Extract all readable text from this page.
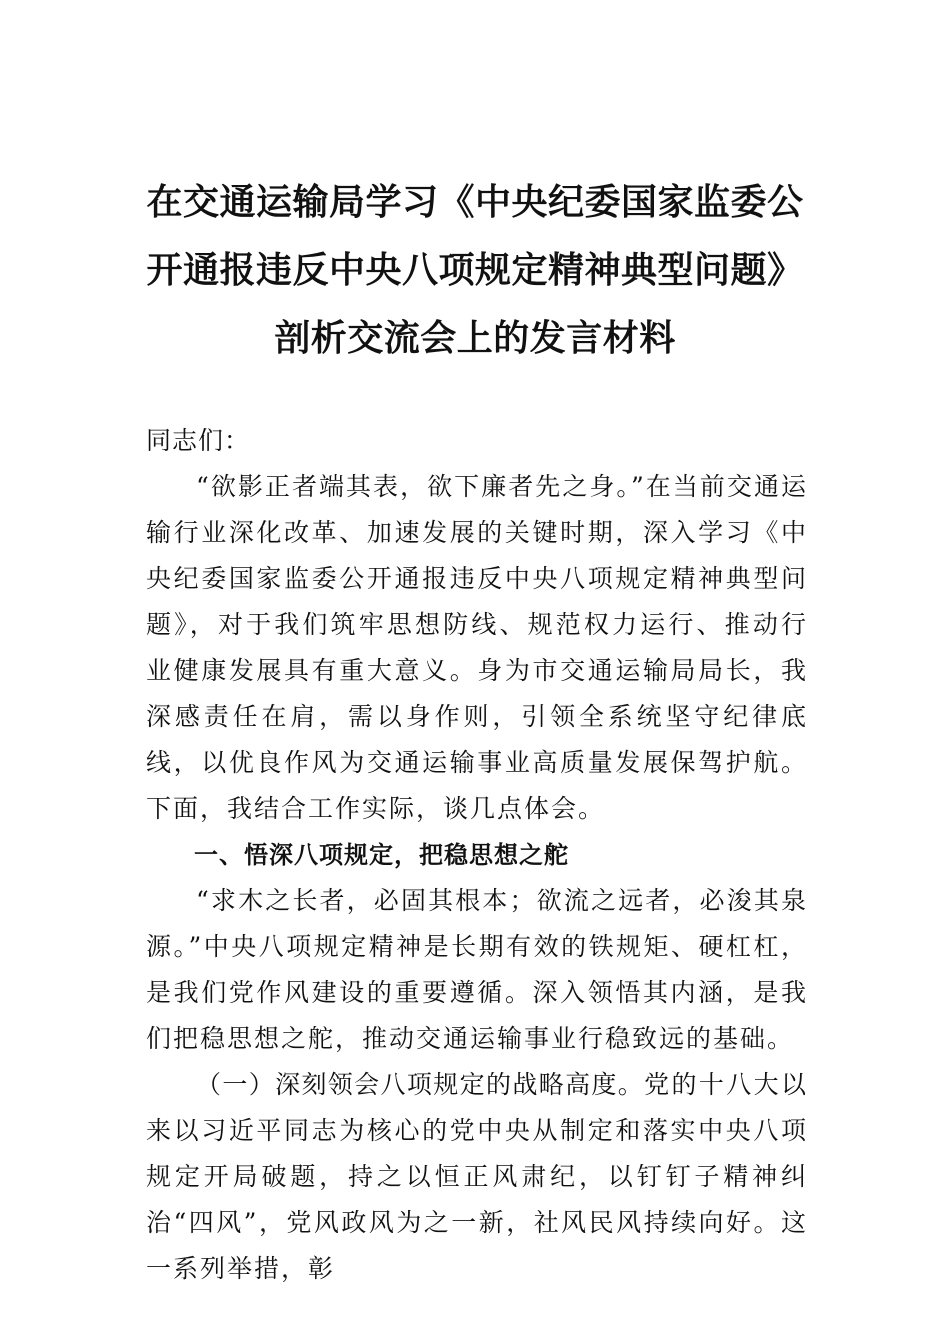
在交通运输局学习《中央纪委国家监委公
开通报违反中央八项规定精神典型问题》
剖析交流会上的发言材料

同志们：

“欲影正者端其表，欲下廉者先之身。”在当前交通运输行业深化改革、加速发展的关键时期，深入学习《中央纪委国家监委公开通报违反中央八项规定精神典型问题》，对于我们筑牢思想防线、规范权力运行、推动行业健康发展具有重大意义。身为市交通运输局局长，我深感责任在肩，需以身作则，引领全系统坚守纪律底线，以优良作风为交通运输事业高质量发展保驾护航。下面，我结合工作实际，谈几点体会。

一、悟深八项规定，把稳思想之舵

“求木之长者，必固其根本；欲流之远者，必浚其泉源。”中央八项规定精神是长期有效的铁规矩、硬杠杠，是我们党作风建设的重要遵循。深入领悟其内涵，是我们把稳思想之舵，推动交通运输事业行稳致远的基础。

（一）深刻领会八项规定的战略高度。党的十八大以来以习近平同志为核心的党中央从制定和落实中央八项规定开局破题，持之以恒正风肃纪，以钉钉子精神纠治“四风”，党风政风为之一新，社风民风持续向好。这一系列举措，彰
